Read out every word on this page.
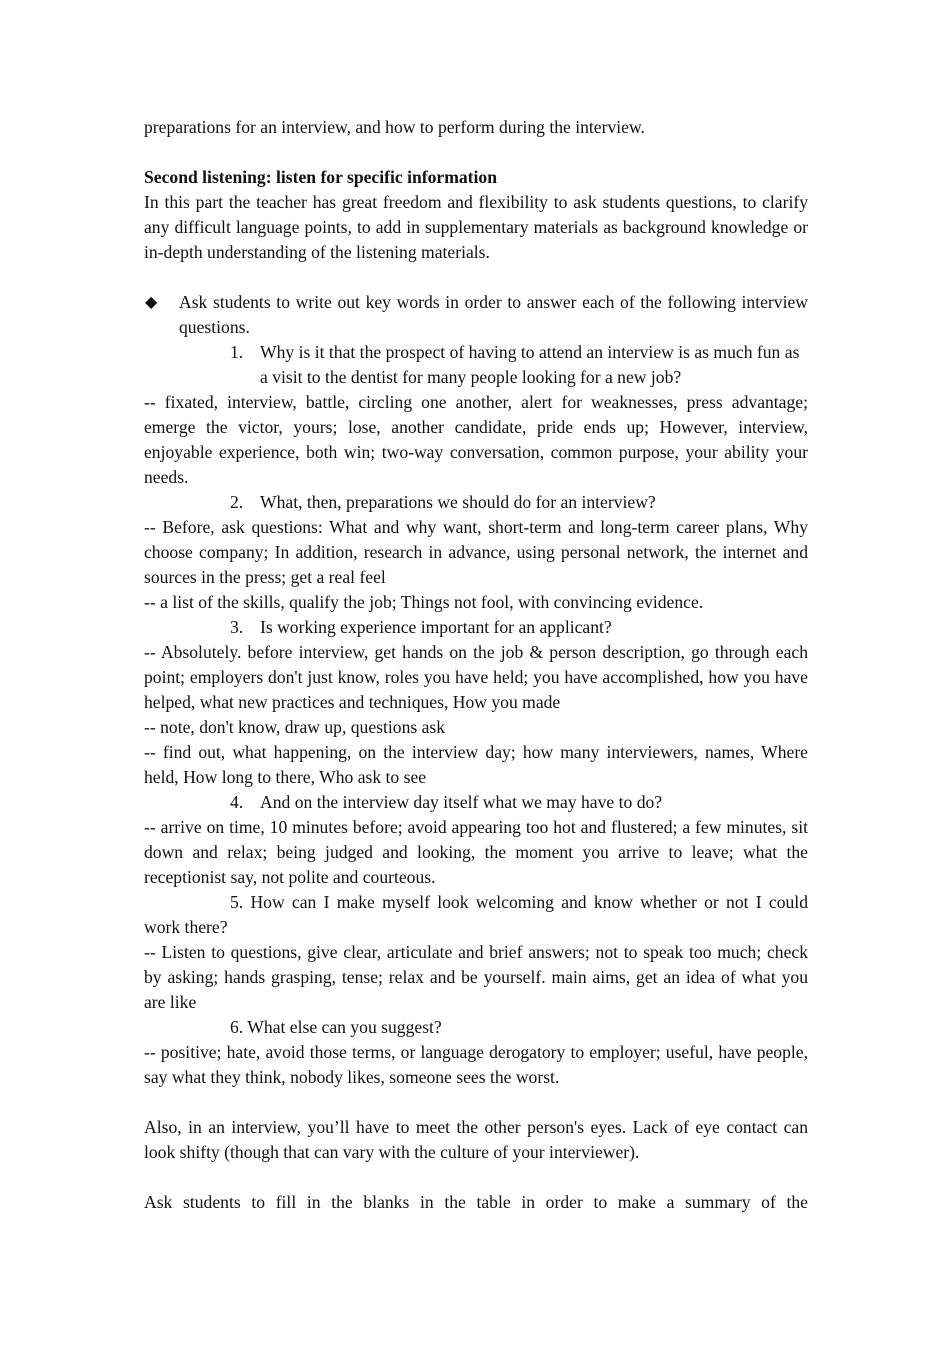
preparations for an interview, and how to perform during the interview.

Second listening: listen for specific information

In this part the teacher has great freedom and flexibility to ask students questions, to clarify any difficult language points, to add in supplementary materials as background knowledge or in-depth understanding of the listening materials.

◆	Ask students to write out key words in order to answer each of the following interview questions.
1. Why is it that the prospect of having to attend an interview is as much fun as a visit to the dentist for many people looking for a new job?

-- fixated, interview, battle, circling one another, alert for weaknesses, press advantage; emerge the victor, yours; lose, another candidate, pride ends up; However, interview, enjoyable experience, both win; two-way conversation, common purpose, your ability your needs.

2. What, then, preparations we should do for an interview?

-- Before, ask questions: What and why want, short-term and long-term career plans, Why choose company; In addition, research in advance, using personal network, the internet and sources in the press; get a real feel

-- a list of the skills, qualify the job; Things not fool, with convincing evidence.

3. Is working experience important for an applicant?

-- Absolutely. before interview, get hands on the job & person description, go through each point; employers don't just know, roles you have held; you have accomplished, how you have helped, what new practices and techniques, How you made

-- note, don't know, draw up, questions ask

-- find out, what happening, on the interview day; how many interviewers, names, Where held, How long to there, Who ask to see

4. And on the interview day itself what we may have to do?

-- arrive on time, 10 minutes before; avoid appearing too hot and flustered; a few minutes, sit down and relax; being judged and looking, the moment you arrive to leave; what the receptionist say, not polite and courteous.

5. How can I make myself look welcoming and know whether or not I could work there?

-- Listen to questions, give clear, articulate and brief answers; not to speak too much; check by asking; hands grasping, tense; relax and be yourself. main aims, get an idea of what you are like

6. What else can you suggest?

-- positive; hate, avoid those terms, or language derogatory to employer; useful, have people, say what they think, nobody likes, someone sees the worst.

Also, in an interview, you’ll have to meet the other person's eyes. Lack of eye contact can look shifty (though that can vary with the culture of your interviewer).

Ask students to fill in the blanks in the table in order to make a summary of the
